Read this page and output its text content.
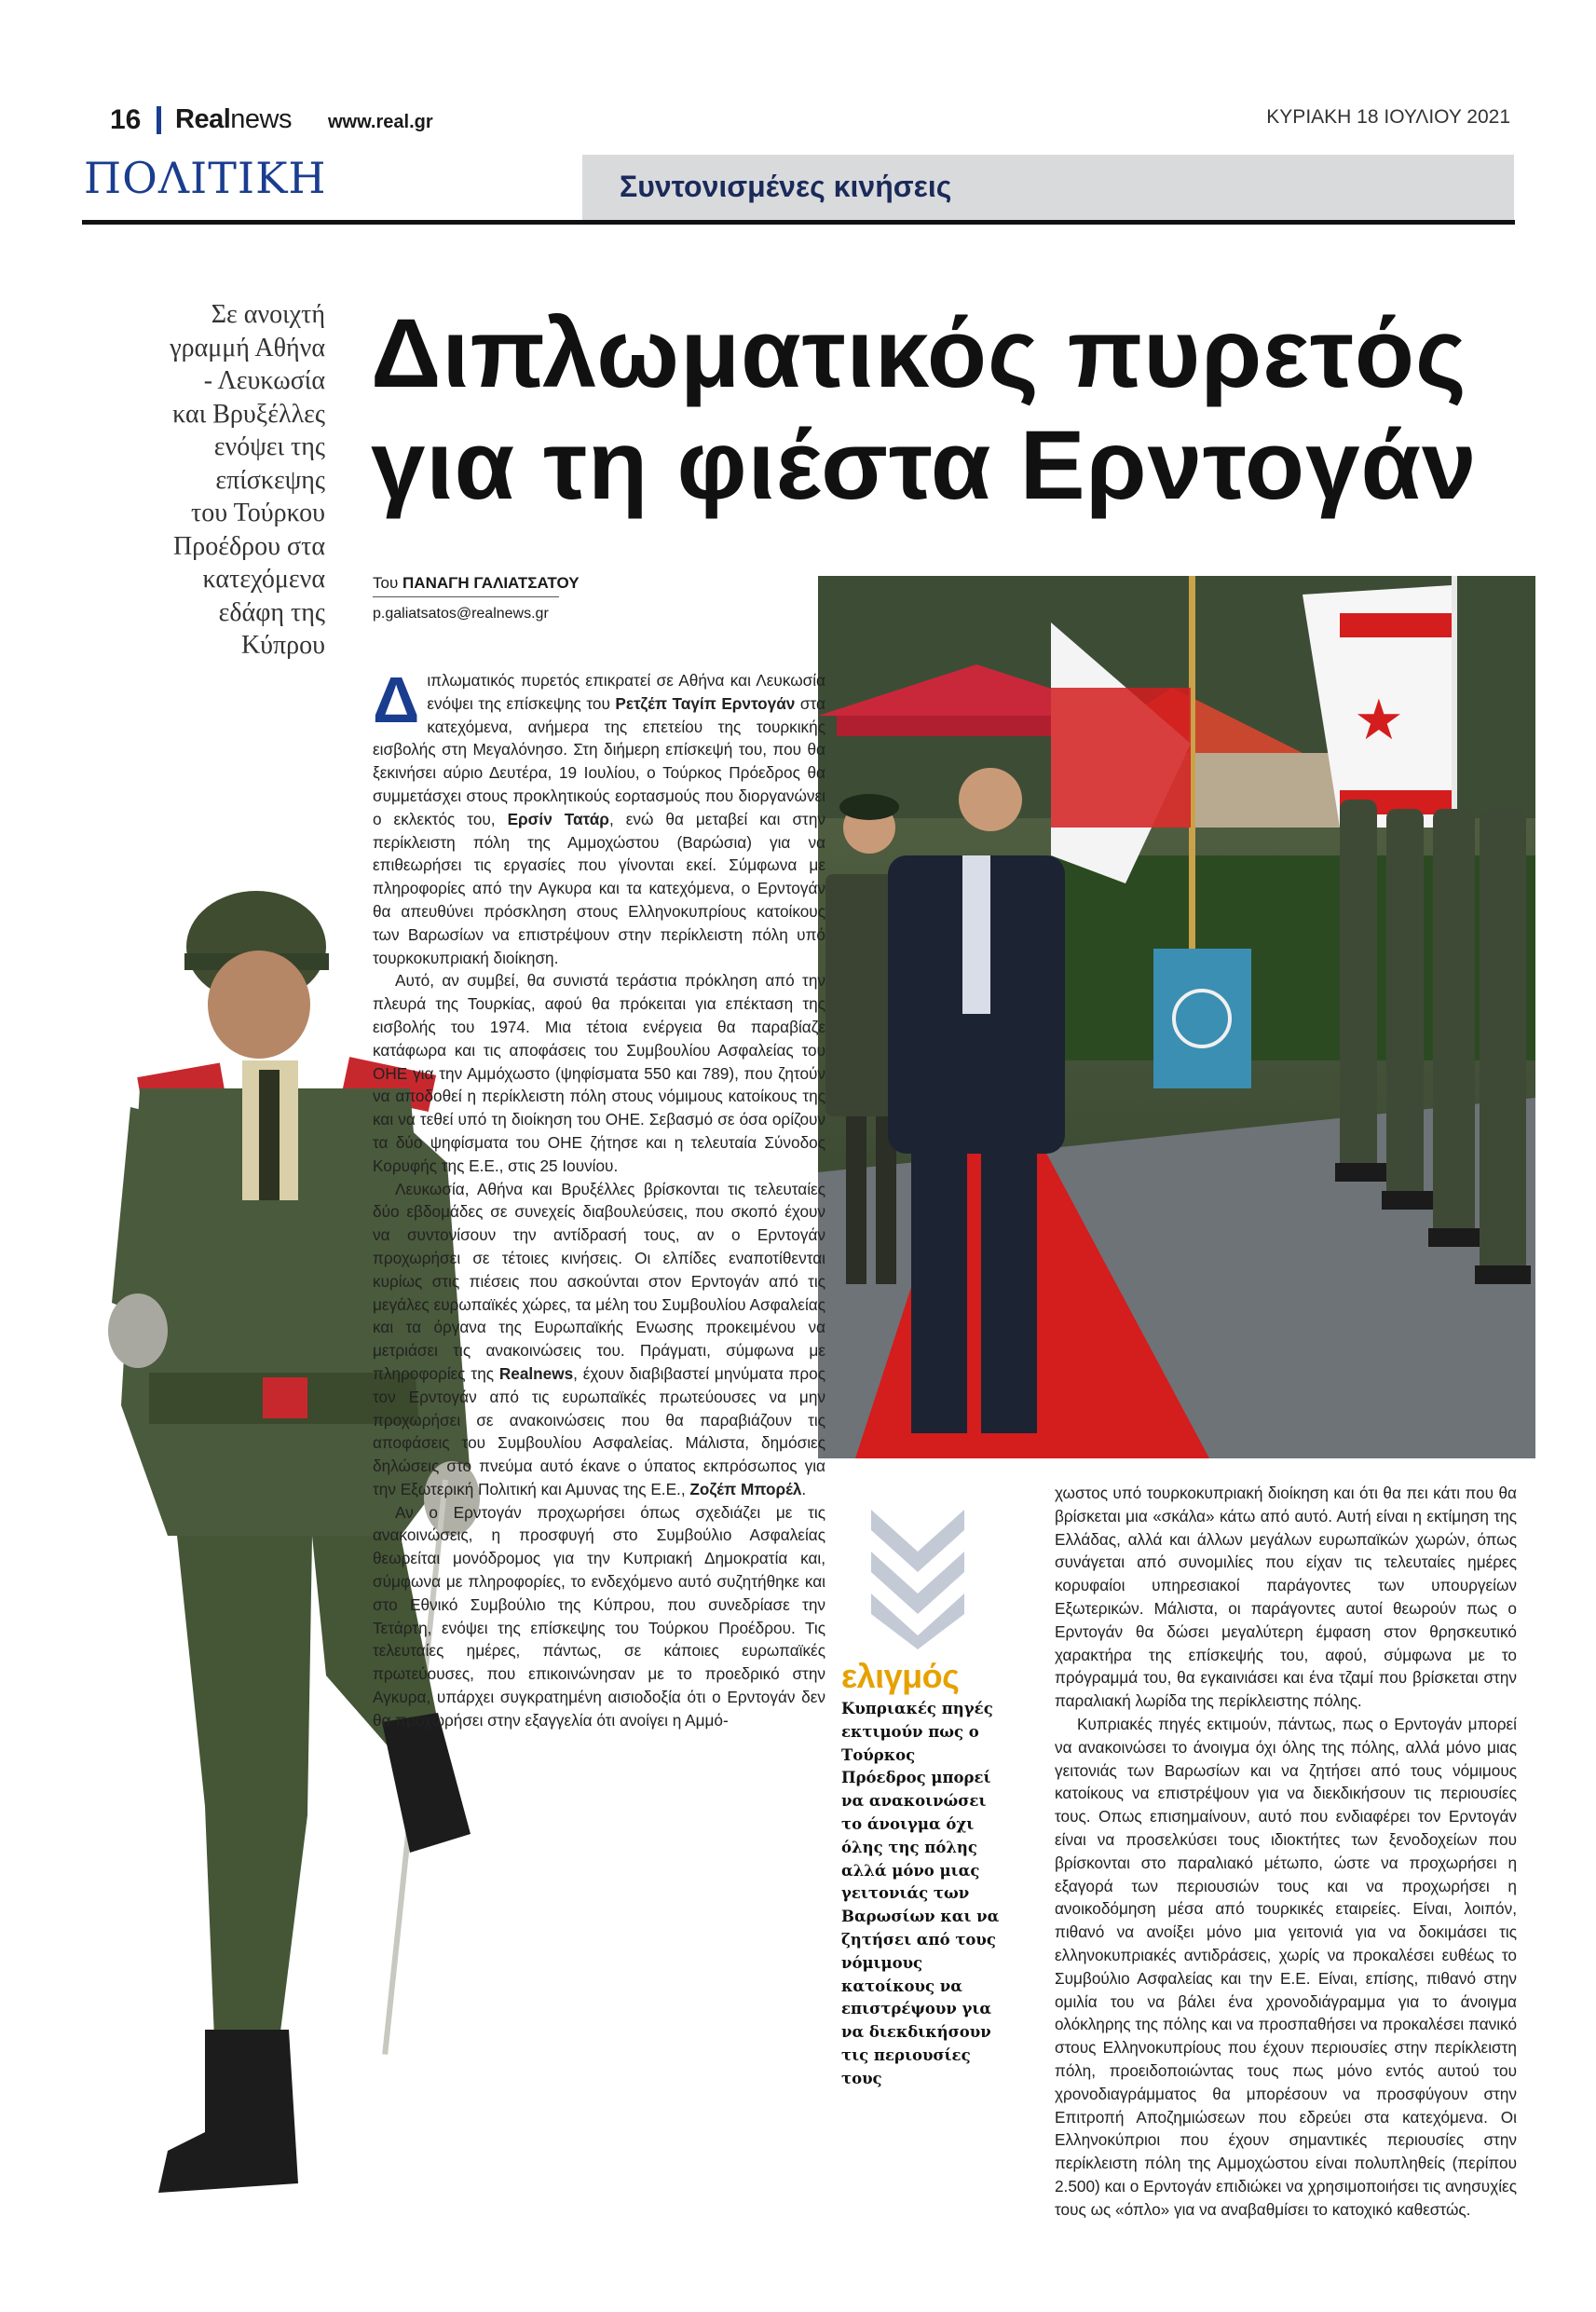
16 Realnews www.real.gr	ΚΥΡΙΑΚΗ 18 ΙΟΥΛΙΟΥ 2021
ΠΟΛΙΤΙΚΗ	Συντονισμένες κινήσεις
Σε ανοιχτή
γραμμή Αθήνα
- Λευκωσία
και Βρυξέλλες
ενόψει της
επίσκεψης
του Τούρκου
Προέδρου στα
κατεχόμενα
εδάφη της
Κύπρου
Διπλωματικός πυρετός
για τη φιέστα Ερντογάν
Του ΠΑΝΑΓΗ ΓΑΛΙΑΤΣΑΤΟΥ
p.galiatsatos@realnews.gr
★

Διπλωματικός πυρετός επικρατεί σε Αθήνα και Λευκωσία ενόψει της επίσκεψης του Ρετζέπ Ταγίπ Ερντογάν στα κατεχόμενα, ανήμερα της επετείου της τουρκικής εισβολής στη Μεγαλόνησο. Στη διήμερη επίσκεψή του, που θα ξεκινήσει αύριο Δευτέρα, 19 Ιουλίου, ο Τούρκος Πρόεδρος θα συμμετάσχει στους προκλητικούς εορτασμούς που διοργανώνει ο εκλεκτός του, Ερσίν Τατάρ, ενώ θα μεταβεί και στην περίκλειστη πόλη της Αμμοχώστου (Βαρώσια) για να επιθεωρήσει τις εργασίες που γίνονται εκεί. Σύμφωνα με πληροφορίες από την Αγκυρα και τα κατεχόμενα, ο Ερντογάν θα απευθύνει πρόσκληση στους Ελληνοκυπρίους κατοίκους των Βαρωσίων να επιστρέψουν στην περίκλειστη πόλη υπό τουρκοκυπριακή διοίκηση.

Αυτό, αν συμβεί, θα συνιστά τεράστια πρόκληση από την πλευρά της Τουρκίας, αφού θα πρόκειται για επέκταση της εισβολής του 1974. Μια τέτοια ενέργεια θα παραβίαζε κατάφωρα και τις αποφάσεις του Συμβουλίου Ασφαλείας του ΟΗΕ για την Αμμόχωστο (ψηφίσματα 550 και 789), που ζητούν να αποδοθεί η περίκλειστη πόλη στους νόμιμους κατοίκους της και να τεθεί υπό τη διοίκηση του ΟΗΕ. Σεβασμό σε όσα ορίζουν τα δύο ψηφίσματα του ΟΗΕ ζήτησε και η τελευταία Σύνοδος Κορυφής της Ε.Ε., στις 25 Ιουνίου.

Λευκωσία, Αθήνα και Βρυξέλλες βρίσκονται τις τελευταίες δύο εβδομάδες σε συνεχείς διαβουλεύσεις, που σκοπό έχουν να συντονίσουν την αντίδρασή τους, αν ο Ερντογάν προχωρήσει σε τέτοιες κινήσεις. Οι ελπίδες εναποτίθενται κυρίως στις πιέσεις που ασκούνται στον Ερντογάν από τις μεγάλες ευρωπαϊκές χώρες, τα μέλη του Συμβουλίου Ασφαλείας και τα όργανα της Ευρωπαϊκής Ενωσης προκειμένου να μετριάσει τις ανακοινώσεις του. Πράγματι, σύμφωνα με πληροφορίες της Realnews, έχουν διαβιβαστεί μηνύματα προς τον Ερντογάν από τις ευρωπαϊκές πρωτεύουσες να μην προχωρήσει σε ανακοινώσεις που θα παραβιάζουν τις αποφάσεις του Συμβουλίου Ασφαλείας. Μάλιστα, δημόσιες δηλώσεις στο πνεύμα αυτό έκανε ο ύπατος εκπρόσωπος για την Εξωτερική Πολιτική και Αμυνας της Ε.Ε., Ζοζέπ Μπορέλ.

Αν ο Ερντογάν προχωρήσει όπως σχεδιάζει με τις ανακοινώσεις, η προσφυγή στο Συμβούλιο Ασφαλείας θεωρείται μονόδρομος για την Κυπριακή Δημοκρατία και, σύμφωνα με πληροφορίες, το ενδεχόμενο αυτό συζητήθηκε και στο Εθνικό Συμβούλιο της Κύπρου, που συνεδρίασε την Τετάρτη, ενόψει της επίσκεψης του Τούρκου Προέδρου. Τις τελευταίες ημέρες, πάντως, σε κάποιες ευρωπαϊκές πρωτεύουσες, που επικοινώνησαν με το προεδρικό στην Αγκυρα, υπάρχει συγκρατημένη αισιοδοξία ότι ο Ερντογάν δεν θα προχωρήσει στην εξαγγελία ότι ανοίγει η Αμμό-

ελιγμός
Κυπριακές πηγές εκτιμούν πως ο Τούρκος Πρόεδρος μπορεί να ανακοινώσει το άνοιγμα όχι όλης της πόλης αλλά μόνο μιας γειτονιάς των Βαρωσίων και να ζητήσει από τους νόμιμους κατοίκους να επιστρέψουν για να διεκδικήσουν τις περιουσίες τους

χωστος υπό τουρκοκυπριακή διοίκηση και ότι θα πει κάτι που θα βρίσκεται μια «σκάλα» κάτω από αυτό. Αυτή είναι η εκτίμηση της Ελλάδας, αλλά και άλλων μεγάλων ευρωπαϊκών χωρών, όπως συνάγεται από συνομιλίες που είχαν τις τελευταίες ημέρες κορυφαίοι υπηρεσιακοί παράγοντες των υπουργείων Εξωτερικών. Μάλιστα, οι παράγοντες αυτοί θεωρούν πως ο Ερντογάν θα δώσει μεγαλύτερη έμφαση στον θρησκευτικό χαρακτήρα της επίσκεψής του, αφού, σύμφωνα με το πρόγραμμά του, θα εγκαινιάσει και ένα τζαμί που βρίσκεται στην παραλιακή λωρίδα της περίκλειστης πόλης.

Κυπριακές πηγές εκτιμούν, πάντως, πως ο Ερντογάν μπορεί να ανακοινώσει το άνοιγμα όχι όλης της πόλης, αλλά μόνο μιας γειτονιάς των Βαρωσίων και να ζητήσει από τους νόμιμους κατοίκους να επιστρέψουν για να διεκδικήσουν τις περιουσίες τους. Οπως επισημαίνουν, αυτό που ενδιαφέρει τον Ερντογάν είναι να προσελκύσει τους ιδιοκτήτες των ξενοδοχείων που βρίσκονται στο παραλιακό μέτωπο, ώστε να προχωρήσει η εξαγορά των περιουσιών τους και να προχωρήσει η ανοικοδόμηση μέσα από τουρκικές εταιρείες. Είναι, λοιπόν, πιθανό να ανοίξει μόνο μια γειτονιά για να δοκιμάσει τις ελληνοκυπριακές αντιδράσεις, χωρίς να προκαλέσει ευθέως το Συμβούλιο Ασφαλείας και την Ε.Ε. Είναι, επίσης, πιθανό στην ομιλία του να βάλει ένα χρονοδιάγραμμα για το άνοιγμα ολόκληρης της πόλης και να προσπαθήσει να προκαλέσει πανικό στους Ελληνοκυπρίους που έχουν περιουσίες στην περίκλειστη πόλη, προειδοποιώντας τους πως μόνο εντός αυτού του χρονοδιαγράμματος θα μπορέσουν να προσφύγουν στην Επιτροπή Αποζημιώσεων που εδρεύει στα κατεχόμενα. Οι Ελληνοκύπριοι που έχουν σημαντικές περιουσίες στην περίκλειστη πόλη της Αμμοχώστου είναι πολυπληθείς (περίπου 2.500) και ο Ερντογάν επιδιώκει να χρησιμοποιήσει τις ανησυχίες τους ως «όπλο» για να αναβαθμίσει το κατοχικό καθεστώς.
